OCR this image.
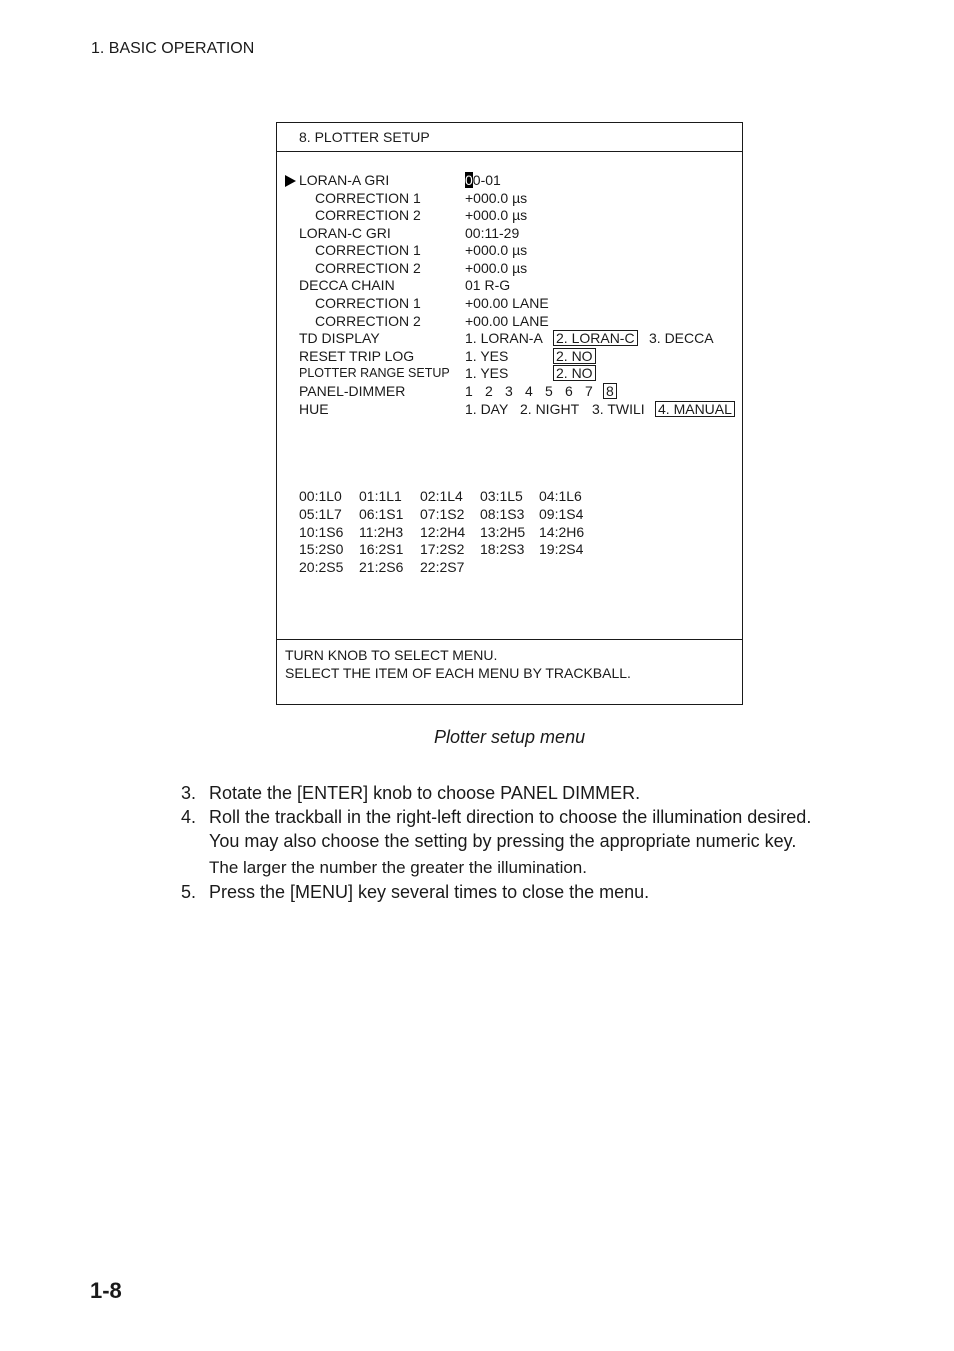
1. BASIC OPERATION
8. PLOTTER SETUP
LORAN-A GRI	00-01
CORRECTION 1	+000.0 µs
CORRECTION 2	+000.0 µs
LORAN-C GRI	00:11-29
CORRECTION 1	+000.0 µs
CORRECTION 2	+000.0 µs
DECCA CHAIN	01 R-G
CORRECTION 1	+00.00 LANE
CORRECTION 2	+00.00 LANE
TD DISPLAY	1. LORAN-A 2. LORAN-C 3. DECCA
RESET TRIP LOG	1. YES	2. NO
PLOTTER RANGE SETUP 1. YES	2. NO
PANEL-DIMMER	1 2 3 4 5 6 7 8
HUE	1. DAY 2. NIGHT 3. TWILI 4. MANUAL
00:1L0 01:1L1 02:1L4 03:1L5 04:1L6
05:1L7 06:1S1 07:1S2 08:1S3 09:1S4
10:1S6 11:2H3 12:2H4 13:2H5 14:2H6
15:2S0 16:2S1 17:2S2 18:2S3 19:2S4
20:2S5 21:2S6 22:2S7
TURN KNOB TO SELECT MENU.
SELECT THE ITEM OF EACH MENU BY TRACKBALL.
Plotter setup menu
3. Rotate the [ENTER] knob to choose PANEL DIMMER.
4. Roll the trackball in the right-left direction to choose the illumination desired.
You may also choose the setting by pressing the appropriate numeric key.
The larger the number the greater the illumination.
5. Press the [MENU] key several times to close the menu.
1-8
